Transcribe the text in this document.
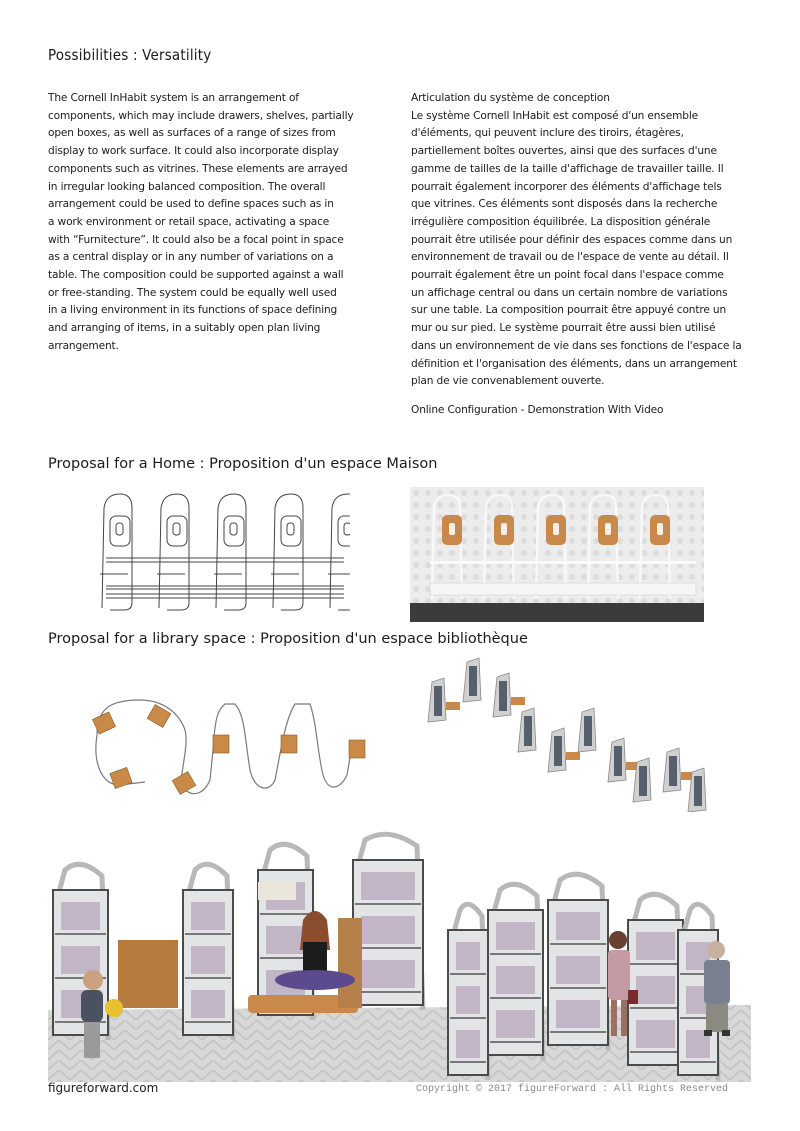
Possibilities : Versatility
The Cornell InHabit system is an arrangement of
components, which may include drawers, shelves, partially
open boxes, as well as surfaces of a range of sizes from
display to work surface. It could also incorporate display
components such as vitrines. These elements are arrayed
in irregular looking balanced composition. The overall
arrangement could be used to define spaces such as in
a work environment or retail space, activating a space
with “Furnitecture”. It could also be a focal point in space
as a central display or in any number of variations on a
table. The composition could be supported against a wall
or free-standing. The system could be equally well used
in a living environment in its functions of space defining
and arranging of items, in a suitably open plan living
arrangement.
Articulation du système de conception
Le système Cornell InHabit est composé d'un ensemble
d'éléments, qui peuvent inclure des tiroirs, étagères,
partiellement boîtes ouvertes, ainsi que des surfaces d'une
gamme de tailles de la taille d'affichage de travailler taille. Il
pourrait également incorporer des éléments d'affichage tels
que vitrines. Ces éléments sont disposés dans la recherche
irrégulière composition équilibrée. La disposition générale
pourrait être utilisée pour définir des espaces comme dans un
environnement de travail ou de l'espace de vente au détail. Il
pourrait également être un point focal dans l'espace comme
un affichage central ou dans un certain nombre de variations
sur une table. La composition pourrait être appuyé contre un
mur ou sur pied. Le système pourrait être aussi bien utilisé
dans un environnement de vie dans ses fonctions de l'espace la
définition et l'organisation des éléments, dans un arrangement
plan de vie convenablement ouverte.
Online Configuration - Demonstration With Video
Proposal for a Home : Proposition d'un espace Maison
Proposal for a library space : Proposition d'un espace bibliothèque
figureforward.com	Copyright © 2017 figureForward : All Rights Reserved
